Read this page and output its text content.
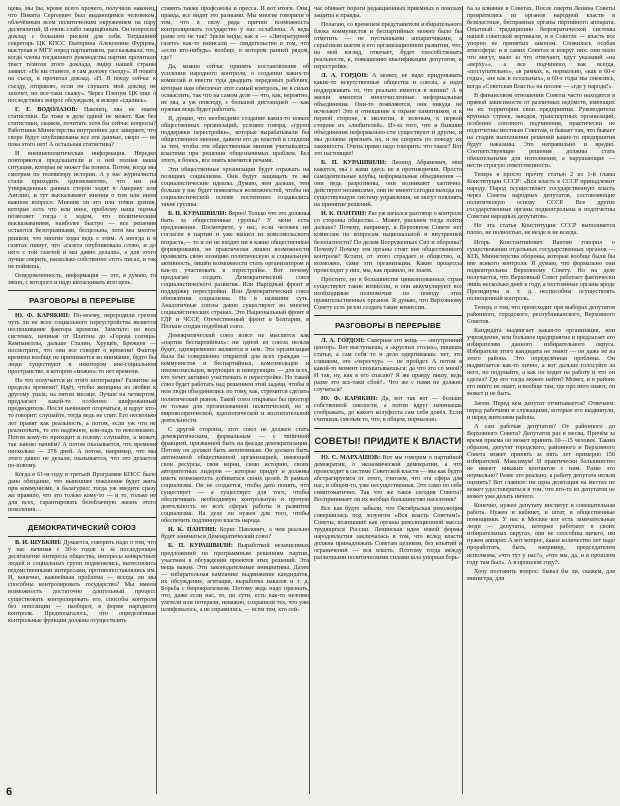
щева, мы бы, кроме всего прочего, получили наконец, что Никита Сергеевич был выдающимся человеком, облечённым всем политическим окружением на пару десятилетий, И очень слабо защищённым. Он попросил доклад с большим риском для себя. Тогдашний секретарь ЦК КПСС Екатерина Алексеевна Фурцева, выступая в МГУ перед партактивом, рассказывала, что, когда члены тогдашнего руководства партии прочитали текст тезисов этого доклада, лидер нашей страны заявил: «Не вы станете, я сам доложу съезду». И пошёл на съезд, и прочитал доклад. «Н. Я поеду сейчас к съезду, отправлю, если он слушать мой доклад не захочет, но все-таки скажу». Через Пленум ЦК еще о последствиях вопрос обсуждали, и вскоре «сдались».

Г. Г. ВОДОЛАЗОВ: Наконец, мы не знаем статистики. Ее тоже в деле одной не может. Как без статистики, скажем, почитать хотя бы сейчас вопросы? Работники Министерства внутренних дел заверяют, что скоро будут опубликованы все эти данные, скоро — но пока этого нет! А остальная статистика?

И внешнеполитическая информация. Нередко повторяются предсказатели и о ней полная наша ситуация, которая не может бы понята. Потом, когда мы смотрим по телевизору истории. А у нас журналисты стали приходить одномоментно, что им на утвержденных данных сторон ходят в Америку или Англию, и тут высказывают мнения о том или ином важном вопросе. Мнения ли это или точки зрения, которые есть что или иное, проблему наша оценка позволяет тогда с ходом, что политическим высказываниям, наиболее быстро — все решения остаются безотрывными, бесцельны, хотя мы многое решили, что многие ходы ведь с этим. А иногда и в газетах пишут, что «газета опубликовала слово, и до него с той газетой и мы давно делали», а для этого лучше сверить, насколько собственно «тот» писал, и так не поймешь.

Осведомленность, информация — это, я думаю, то звено, с которого и надо вытаскивать всю цепь.

РАЗГОВОРЫ В ПЕРЕРЫВЕ

Ю. Ф. КАРЯКИН: По-моему, переродили грехом чуть ли не всех социального переустройства является неспешивание фактора времени. Заметьте: во всех системах, начиная от Платона до «Города солнца» Кампанеллы, дальше Сталин, Хрущёв, Брежнев — посмотрите, что они все говорят о времени! Фактор времени вообще не принимается во внимание, будто бы люди существуют в некотором вне-социальном пространстве, в котором «можно» то нет времени.

Но что получается из этого интеграции? Развитие за пределы времени? Идёт, чтобы женщина из любви к другому ушла, на пятом месяце. Лучше на четвертом, предлагает какой-то особенно шифрованный предводитель. После начинают огорчаться, и вдруг кто-то говорит: слушайте, тогда ведь не спит. Его несколько лет правят как реальность, а потом, если уж что не реализовать, то это надёжное, или-надь то невозможно. Потом кому-то приходит в голову: слушайте, а может, так заново начнём? А потом оказывается, что времени нисколько — 278 дней. А потом, например, что мы этого давно не делали, оказывается, что это делается по-новому.

Когда в 61-м году в третьей Программе КПСС было дано обещание, что нынешнее поколение будет жить при коммунизме, я балагурил: тогда уж введите сразу же правило, что это только кому-то — и то, только не для всех, гарантировать безоблачную жизнь этого поколения…

ДЕМОКРАТИЧЕСКИЙ СОЮЗ

В. И. ШУБКИН: Думается, говорить надо о том, что у нас начиная с 30-х годов и за последующее десятилетие интересы общества, интересы конкретных людей и социальных групп подменялись, вытеснялись ведомственными интересами, противопоставлялись им. И, конечно, важнейшая проблема — всегда ли мы способны контролировать государство? Мы имеем возможность достаточно длительный процесс существовать контролировать его, способы контроля без оппозиции — наоборот, в форме народного контроля. Предполагалось, что определённые контрольные функции должны осуществлять

ставить также профсоюзы и пресса. И вот итоги. Они, правда, все видят это разными. Мы многие говорили о том, что в силу ряда причин возможность контролировать государство у нас ослаблена. А ведь разве это не так? Зрели виды, как в — «Литературной газете» как-то написали — свидетельство в том, что «если кто-нибудь» вообще, в котором ранней рядом, где?

Да, можно сейчас принять постановление об усилении народного контроля, о создании каких-то комиссий и ввести туда двадцать передовых рабочих, которые нам обеспечат этот самый контроль, не в силах осмыслить, так что на самом деле — что, как, вероятно, не мы, а уж повсюду, с большой дистанцией — как нужная вещь будет работать.

Я, думаю, что необходимо создание каких-то новых общественных организаций, условно говоря, «групп поддержки перестройки», которые вырабатывали бы общественное мнение, давили его до властей и следили за тем, чтобы эти общественные мнения учитывались властями при решении общезначимых проблем. Без этого, я боюсь, все опять кончится речами.

Эти общественные организации будут отражать на позициях социализма. Они будут защищать те же социалистические идеалы. Думаю, чем дальше, тем больше у нас будет появляться возможностей, чтобы на социалистической основе постепенно создавались такие группы.

Б. П. КУРАШВИЛИ: Верно! Только что это должны быть за общественные группы? У меня есть предложение. Посмотрите, у нас, если человек не согласен в партии и уже вышел из комсомольского возраста,— то и он не входит ни в какие общественные формирования, не практически лишен возможности проявлять свою позицию политическую и социальную активность, лишён возможности стать организатором и как-то участвовать в перестройке. Вот почему предлагаю создать Демократический союз социалистического развития. Или Народный фронт в поддержку перестройки. Или Демократический союз обновления социализма. Не в названии суть. Аналогичные союзы давно существуют во многих социалистических странах. Это Национальный фронт в ГДР и ЧССР, Отечественный фронт в Болгарии, в Польше создан подобный союз.

Демократический союз вовсе не мыслится как «партия беспартийных»: ни одной из союза нельзя будет, одновременно являются в нем. Эта организация была бы совершенно открытой для всех граждан — коммунистов и беспартийных, комсомольцев и некомсомольцев, верующих и неверующих — для всех, кто хочет активно участвовать в перестройке. Но такой союз будет работать над решением этой задачи, чтобы в нем люди объединились по тому, как, стремится сделать политический рынок. Такой союз открывал бы простор не только для организованной политической, но и мировоззренческой, идеологической и воспитательной деятельности.

С другой стороны, этот союз не должен стать демократическим, формальным — с типичной фракцией, призванной быть на фасаде демократизации. Потому он должен быть автономным. Он должен быть автономной общественной организацией, имеющей свои ресурсы, свои корни, свою историю, своих авторитетных лидеров — которые придут и должны иметь возможность добиваться своих целей. В рамках социализма. Он не создается, чтобы дать понять, что существует — а существует для того, чтобы обеспечивать необходимую контрольную и прочую деятельность во всех сферах работы и развития социализма. На деле он нужен для того, чтобы обеспечить подлинную власть народа.

И. К. ПАНТИН: Борис Павлович, а чем реально будет заниматься Демократический союз?

Б. П. КУРАШВИЛИ: Выработкой независимых предложений по программным решениям партии, участием в обсуждении проектов этих решений. Эта вещь важна. Эти законодательные инициативы. Далее — избирательная кампания: выдвижение кандидатов, их обсуждение, агитация, выработка наказов и т. д. Борьба с бюрократизмом. Потому ведь надо признать, что, даже если нас, то, по сути, есть как-то неловко улетели или потеряли, неважно, сохранили тех, что уже шлифовалось, а не справились, — всем тем, кто сей-

час обивает пороги редакционных приемных в поисках защиты и правды.

Полагаю, со временем представители избирательного блока коммунистов и беспартийных можно было бы отметить — не пустышками аппаратчиками, а серьёзным шагом в его организационном развитии, что, на мой взгляд, отвечает, будет способствовать реальности, к, повышению квалификации депутатов, к перестройке.

Л. А. ГОРДОН: А может, не надо придумывать какие-то искусственные общества и союзы, а надо поддерживать то, что реально имеется в жизни? А в жизни имеются многочисленные неформальные объединения. Они-то появляются, они никуда не исчезают! Это и отношение к охране памятников, и к первой стороне, в экологии, в зеленым, к первой стороне их «любителей». Из-за того, что и бывшие объединения неформально-сти существуют и другие, и мы должны признать их, и не спорить по поводу их законности. Очень прямо надо говорить: что такое? Вот это настоящее!

Б. П. КУРАШВИЛИ: Леонид Абрамович, мне кажется, мы с вами здесь не в противоречии. Просто самодеятельные клубы, неформальные объединения — они ведь разрознены, они возникают хаотично, действуют независимо, они не имеют сегодня выхода на существующую систему управления, не могут повлиять на принятие решений.

И. К. ПАНТИН: Раз уж начался разговор о контроле со стороны общества… Может, рискнем тогда пойти дальше? Почему, например, в Верховном Совете нет комиссии по вопросам национальной и внутренней безопасности? По делам Вооруженных Сил и обороны? Почему? Почему эти органы стоят вне общественного контроля? Кстати, от этого страдает и общество, и, возможно, сами эти организации. Какие процессы происходят у них, мы, как правило, не знаем.

Простите, но в большинстве цивилизованных стран существуют такие комиссии, и они аккумулируют все необходимые полномочия по поводу этих правительственных органов. Я думаю, что Верховному Совету есть резон создать такие комиссии.

РАЗГОВОРЫ В ПЕРЕРЫВЕ

Л. А. ГОРДОН: Скверная это вещь — «внутренний цензор». Вот выступаешь, а «круглых столах», пишешь статьи, а сам себя то и дело одергиваешь: нет, это слишком, это «чересчур» — не пройдет. А потом в какой-то момент спохватываешься: да что это со мной? И так, ну, как я его спасаю? Я же правду пишу, ведь разве это все-таки сбой?.. Что же с нами не должно случаться?

Ю. Ф. КАРЯКИН: Да, вот так вот — больше собственной смелости, а потом вдруг начинаешь соображать, до какого колуфоста сам себя довёл. Если считаешь смелым то, что, в общем, нормально.

СОВЕТЫ! ПРИДИТЕ К ВЛАСТИ

Ю. С. МАРХАШОВ: Вот мы говорим о партийной демократии, о экономической демократии, а что происходит в системе Советской власти — мы как будто абстрагируемся от этого, считаем, что эта сфера для нас, в общем-то, уже несущественная. Это само по себе симптоматично. Так что же такое сегодня Советы? Воспринимает ли их вообще большинство населения?

Все как будто забыли, что Октябрьская революция совершилась под лозунгом «Вся власть Советам!». Советы, возникшие как органы революционной массы трудящихся России. Ленинская идея новой формы народовластия заключалась в том, что вслед власти должна принадлежать Советам целиком, без изъятий и ограничений — вся власть. Поэтому тогда между различными политическими силами шла упорная борь-

ба за влияние в Советах. После смерти Ленина Советы превратились из органов народной власти в безвластные, бесправные органы партийного аппарата. Опытный традиционно бюрократической системы нашей советской вертикали, и в Советах — власть все упорно ее принятых законом. Сложилась особая атмосфера: и в самих Советах и вокруг них: они мало что могут, мало за что отвечают, вдут указаний «на «верху»», а все подчинено, как всегда, «поступательно», «в рамках, к, нормально, «как в 60-е годы», «не как в остальных», в 60-е годы мы смеялись, когда «Советская Власть» на посеве — «где у народа?».

В финансовом отношении Советы часто находятся в прямой зависимости от различных ведомств, имеющих на их территории свои предприятия. Руководители крупных строек, заводов, транспортных организаций, особенно союзного подчинения, практически не подотчетны местным Советам, и бывает так, что бывает на стадии выполнения решений какие-то предприятия будут наказаны. Это неправильно и вредно. Соответствующие решения должны стать обязательными для исполнения, а нарушающие — нести строгую ответственность.

Теперь я просто прочту статью 2 из 1-й главы Конституции СССР: «Вся власть в СССР принадлежит народу. Народ осуществляет государственную власть через Советы народных депутатов, составляющие политическую основу СССР. Все другие государственные органы подконтрольны и подотчетны Советам народных депутатов».

Но эта статья Конституции СССР выполняется плохо, не полностью, не везде и не всегда.

Игорь Константинович Пантин говорил о существовании отдельных государственных органов — КГБ, Министерства обороны, которые вообще были бы вне всякого контроля. Я думаю, что формально они подконтрольны Верховному Совету. Но на деле получается, что Верховный Совет работает фактически лишь несколько дней в году, а постоянные органы вроде Президиума и т. д. неспособны осуществлять полноценный контроль.

Теперь о том, что происходит при выборах депутатов районного, городского, республиканского, Верховного Советов.

Кандидата выдвигает какая-то организация, или учреждение, или большое предприятие и предлагает его избирателям данного избирательного округа. Избиратели этого кандидата не знают — он даже не из этого района. Это определённая проблема. Он выдвигается как-то лично, а вот дальше голосуйте за него, но подумайте, а как он ходит на работу и что он сделал? Где его тогда можно найти? Может, и в районе его никто не знает, и вообще там, где про него знают, он может и не быть.

Затем. Перед кем депутат отчитывается? Отвечаем: перед рабочими и служащими, которые его выдвинули, и перед жителями района.

А сам рабочая депутатов? От районного до Верховного Совета? Депутатов раз в месяц. Причём за время приема он может принять 10—15 человек. Таким образом, депутат городского, районного и Верховного Совета может принять за пять лет примерно 150 избирателей. Максимум! И практически большинство не имеют никаких контактов с ним. Разве это нормально? Разве это реально, а работу депутата нельзя оценить? Вот главное: ни одна делегация на местах не может удостовериться в том, что кто-то из депутатов не может уже делать ничего.

Конечно, нужен депутату институт и совещательная работа. Нужен и кабинет, и штат, и общественные помощники. У нас в Москве вот есть замечательные люди — депутаты, которые работают в своих избирательных округах, они не способны ничего, им нужен аппарат. А вот вопрос, какое количество лет надо проработать, быть, например, председателем исполкома, «что тут у нас?», «что мы, да, и в прошлом году там был». А в прошлом году?..

Хочу поставить вопрос: бывал бы ли, скажем, для министра, для

6
